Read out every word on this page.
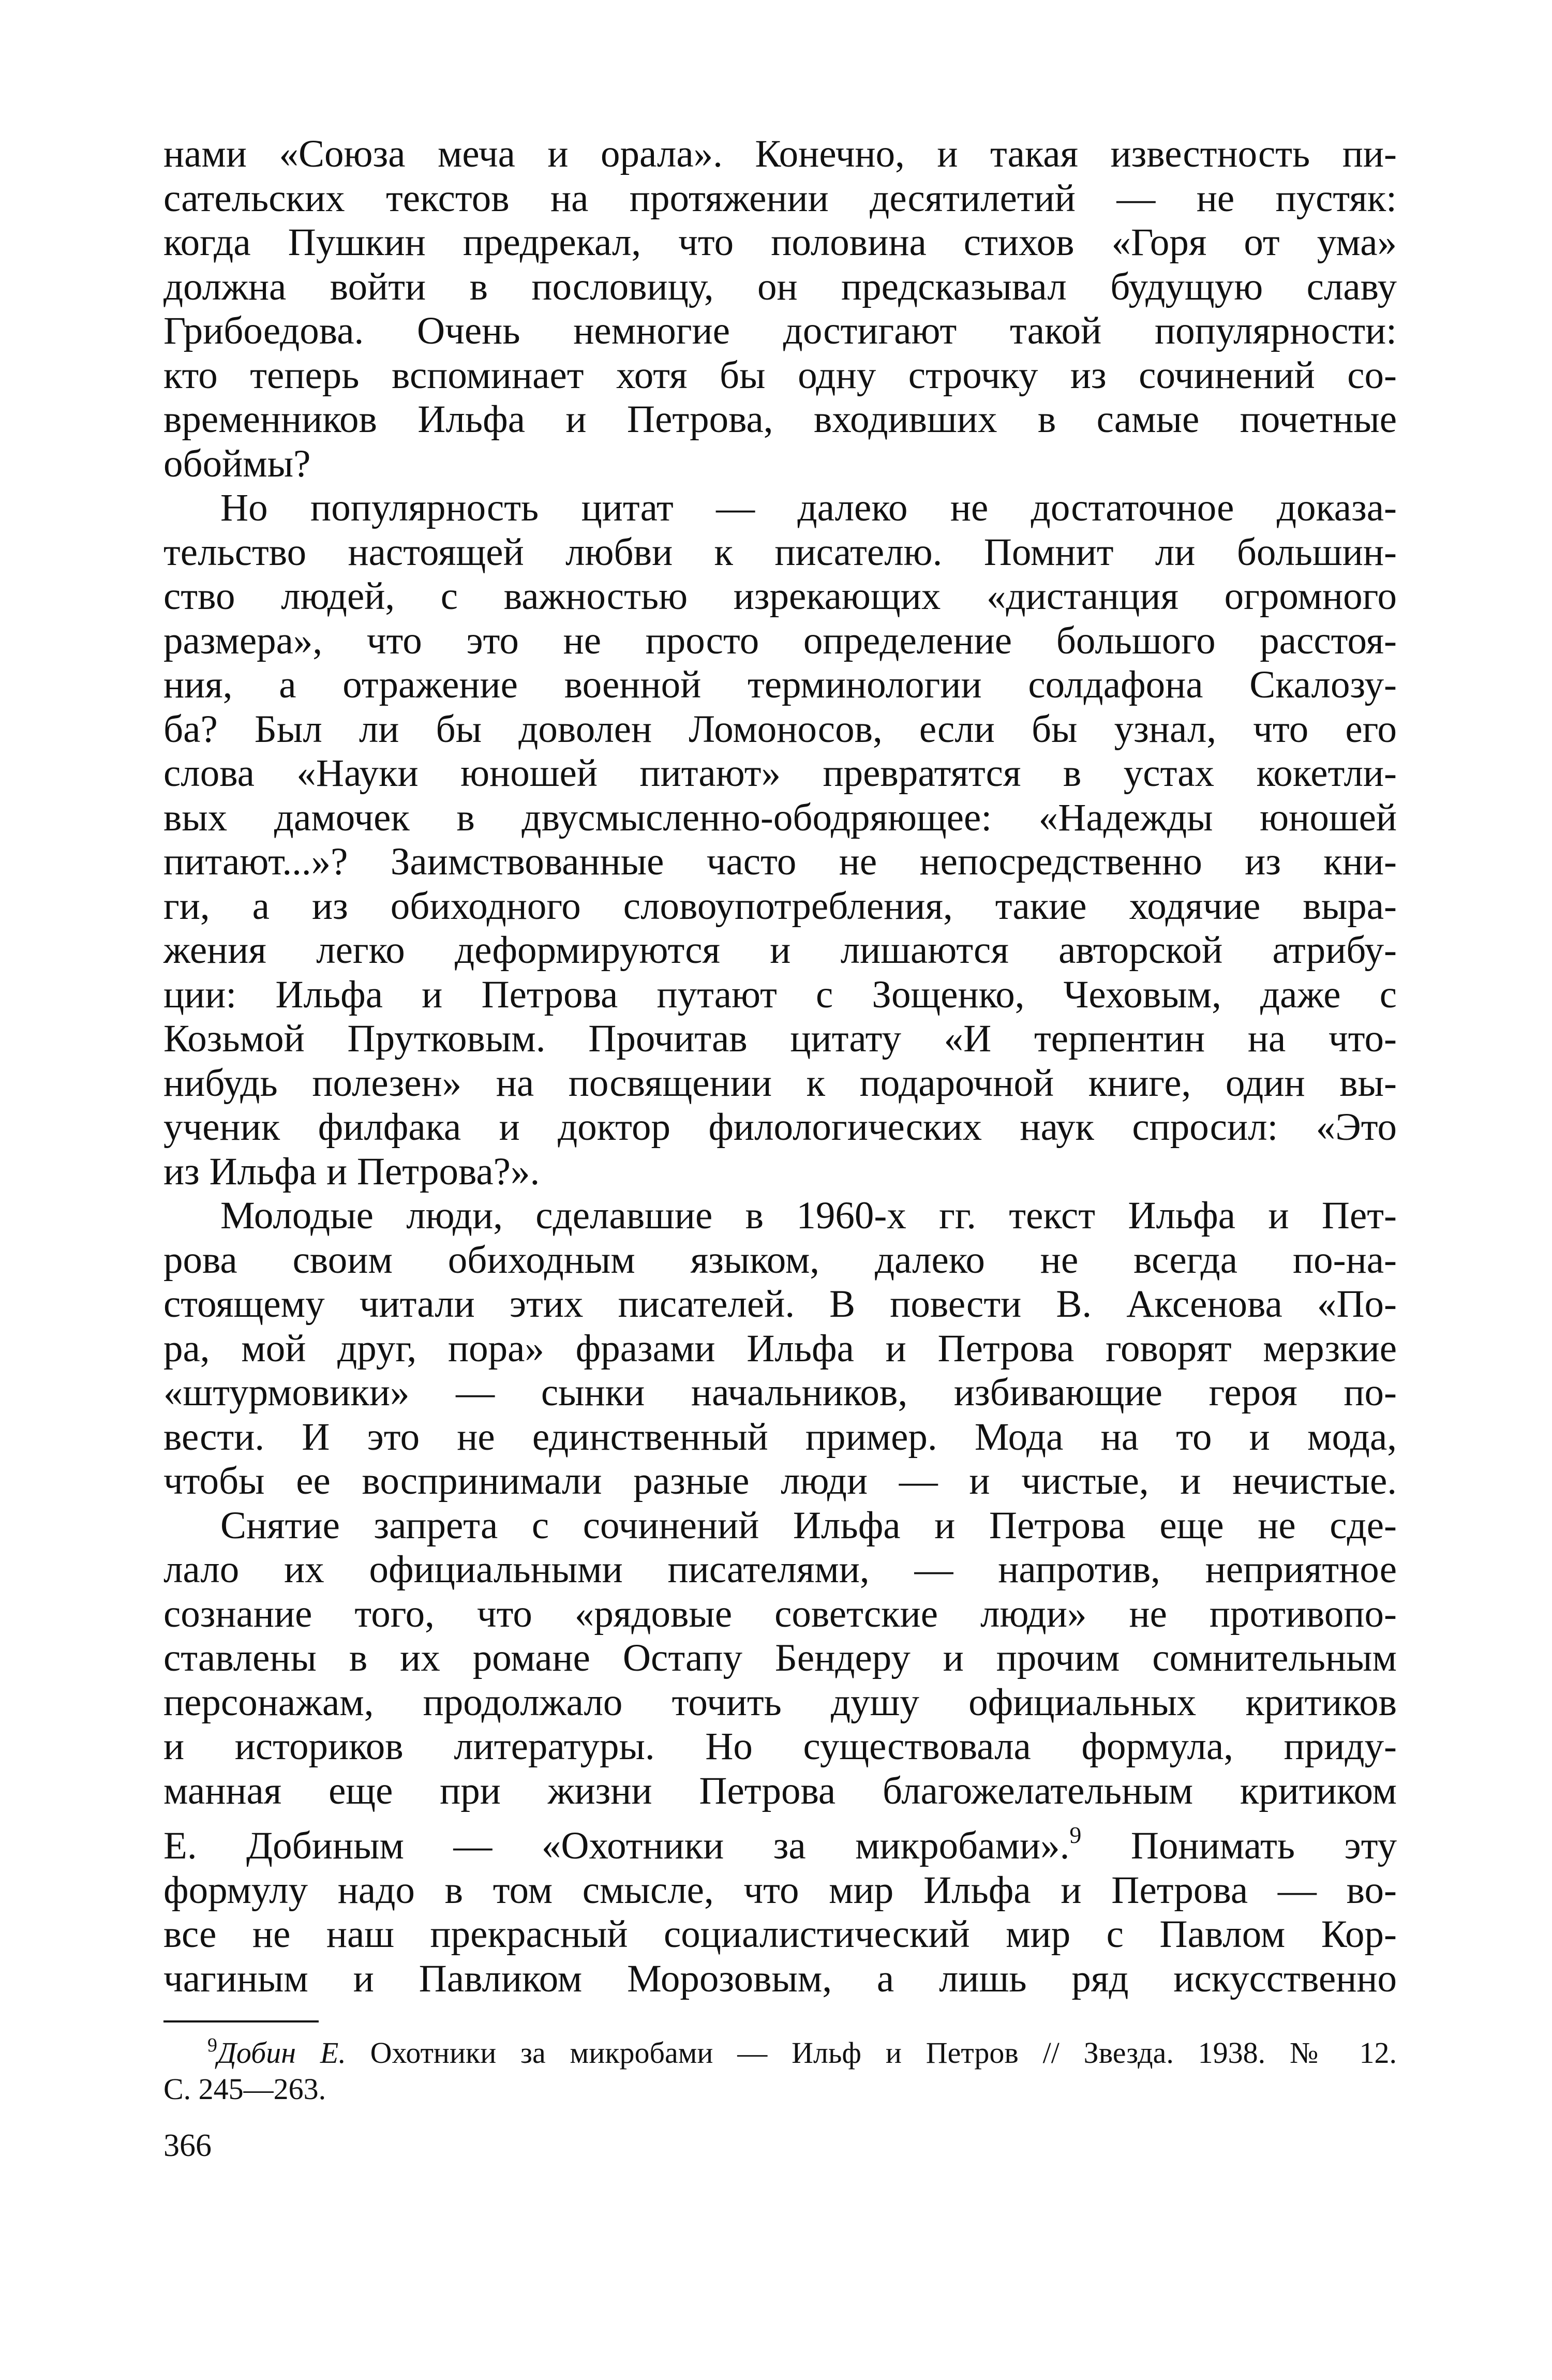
нами «Союза меча и орала». Конечно, и такая известность пи-
сательских текстов на протяжении десятилетий — не пустяк:
когда Пушкин предрекал, что половина стихов «Горя от ума»
должна войти в пословицу, он предсказывал будущую славу
Грибоедова. Очень немногие достигают такой популярности:
кто теперь вспоминает хотя бы одну строчку из сочинений со-
временников Ильфа и Петрова, входивших в самые почетные
обоймы?

Но популярность цитат — далеко не достаточное доказа-
тельство настоящей любви к писателю. Помнит ли большин-
ство людей, с важностью изрекающих «дистанция огромного
размера», что это не просто определение большого расстоя-
ния, а отражение военной терминологии солдафона Скалозу-
ба? Был ли бы доволен Ломоносов, если бы узнал, что его
слова «Науки юношей питают» превратятся в устах кокетли-
вых дамочек в двусмысленно-ободряющее: «Надежды юношей
питают...»? Заимствованные часто не непосредственно из кни-
ги, а из обиходного словоупотребления, такие ходячие выра-
жения легко деформируются и лишаются авторской атрибу-
ции: Ильфа и Петрова путают с Зощенко, Чеховым, даже с
Козьмой Прутковым. Прочитав цитату «И терпентин на что-
нибудь полезен» на посвящении к подарочной книге, один вы-
ученик филфака и доктор филологических наук спросил: «Это
из Ильфа и Петрова?».

Молодые люди, сделавшие в 1960-х гг. текст Ильфа и Пет-
рова своим обиходным языком, далеко не всегда по-на-
стоящему читали этих писателей. В повести В. Аксенова «По-
ра, мой друг, пора» фразами Ильфа и Петрова говорят мерзкие
«штурмовики» — сынки начальников, избивающие героя по-
вести. И это не единственный пример. Мода на то и мода,
чтобы ее воспринимали разные люди — и чистые, и нечистые.

Снятие запрета с сочинений Ильфа и Петрова еще не сде-
лало их официальными писателями, — напротив, неприятное
сознание того, что «рядовые советские люди» не противопо-
ставлены в их романе Остапу Бендеру и прочим сомнительным
персонажам, продолжало точить душу официальных критиков
и историков литературы. Но существовала формула, приду-
манная еще при жизни Петрова благожелательным критиком
Е. Добиным — «Охотники за микробами».$^9$ Понимать эту
формулу надо в том смысле, что мир Ильфа и Петрова — во-
все не наш прекрасный социалистический мир с Павлом Кор-
чагиным и Павликом Морозовым, а лишь ряд искусственно

$^9$Добин Е. Охотники за микробами — Ильф и Петров // Звезда. 1938. № 12.
С. 245—263.
366
